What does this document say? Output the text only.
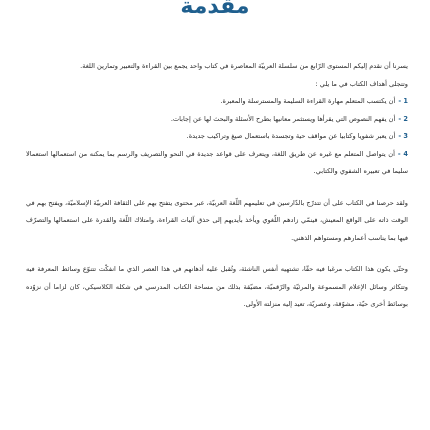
مقدمة

يسرنا أن نقدم إليكم المستوى الرّابع من سلسلة العربيّة المعاصرة في كتاب واحد يجمع بين القراءة والتعبير وتمارين اللغة.

وتتجلى أهداف الكتاب في ما يلي :

1 -أن يكتسب المتعلم مهارة القراءة السليمة والمسترسلة والمعبرة.
2 -أن يفهم النصوص التي يقرأها ويستثمر معانيها بطرح الأسئلة والبحث لها عن إجابات.
3 -أن يعبر شفويا وكتابيا عن مواقف حية وتجسدة باستعمال صيغ وتراكيب جديدة.
4 -أن يتواصل المتعلم مع غيره عن طريق اللغة، ويتعرف على قواعد جديدة في النحو والتصريف والرسم بما يمكنه من استعمالها استعمالا سليما في تعبيره الشفوي والكتابي.

ولقد حرصنا في الكتاب على أن تتدرّج بالدّارسين في تعليمهم اللّغة العربيّة، عبر محتوى يتفتح بهم على الثقافة العربيّة الإسلاميّة، ويفتح بهم في الوقت ذاته على الواقع المعيش، فينمّي زادهم اللّغوي ويأخذ بأيديهم إلى حذق آليات القراءة، وامتلاك اللّغة والقدرة على استعمالها والتصرّف فيها بما يناسب أعمارهم ومستواهم الذهني.

وحتّى يكون هذا الكتاب مرغبا فيه حقّا، تشتهيه أنفس الناشئة، وتُقبل عليه أذهانهم في هذا العصر الذي ما انفكّت تتنوّع وسائط المعرفة فيه وتتكاثر وسائل الإعلام المسموعة والمرئيّة والرّقميّة، مضيّقة بذلك من مساحة الكتاب المدرسي في شكله الكلاسيكي، كان لزاما أن نزوّده بوسائط أخرى حيّة، مشوّقة، وعصريّة، تعيد إليه منزلته الأولى.
